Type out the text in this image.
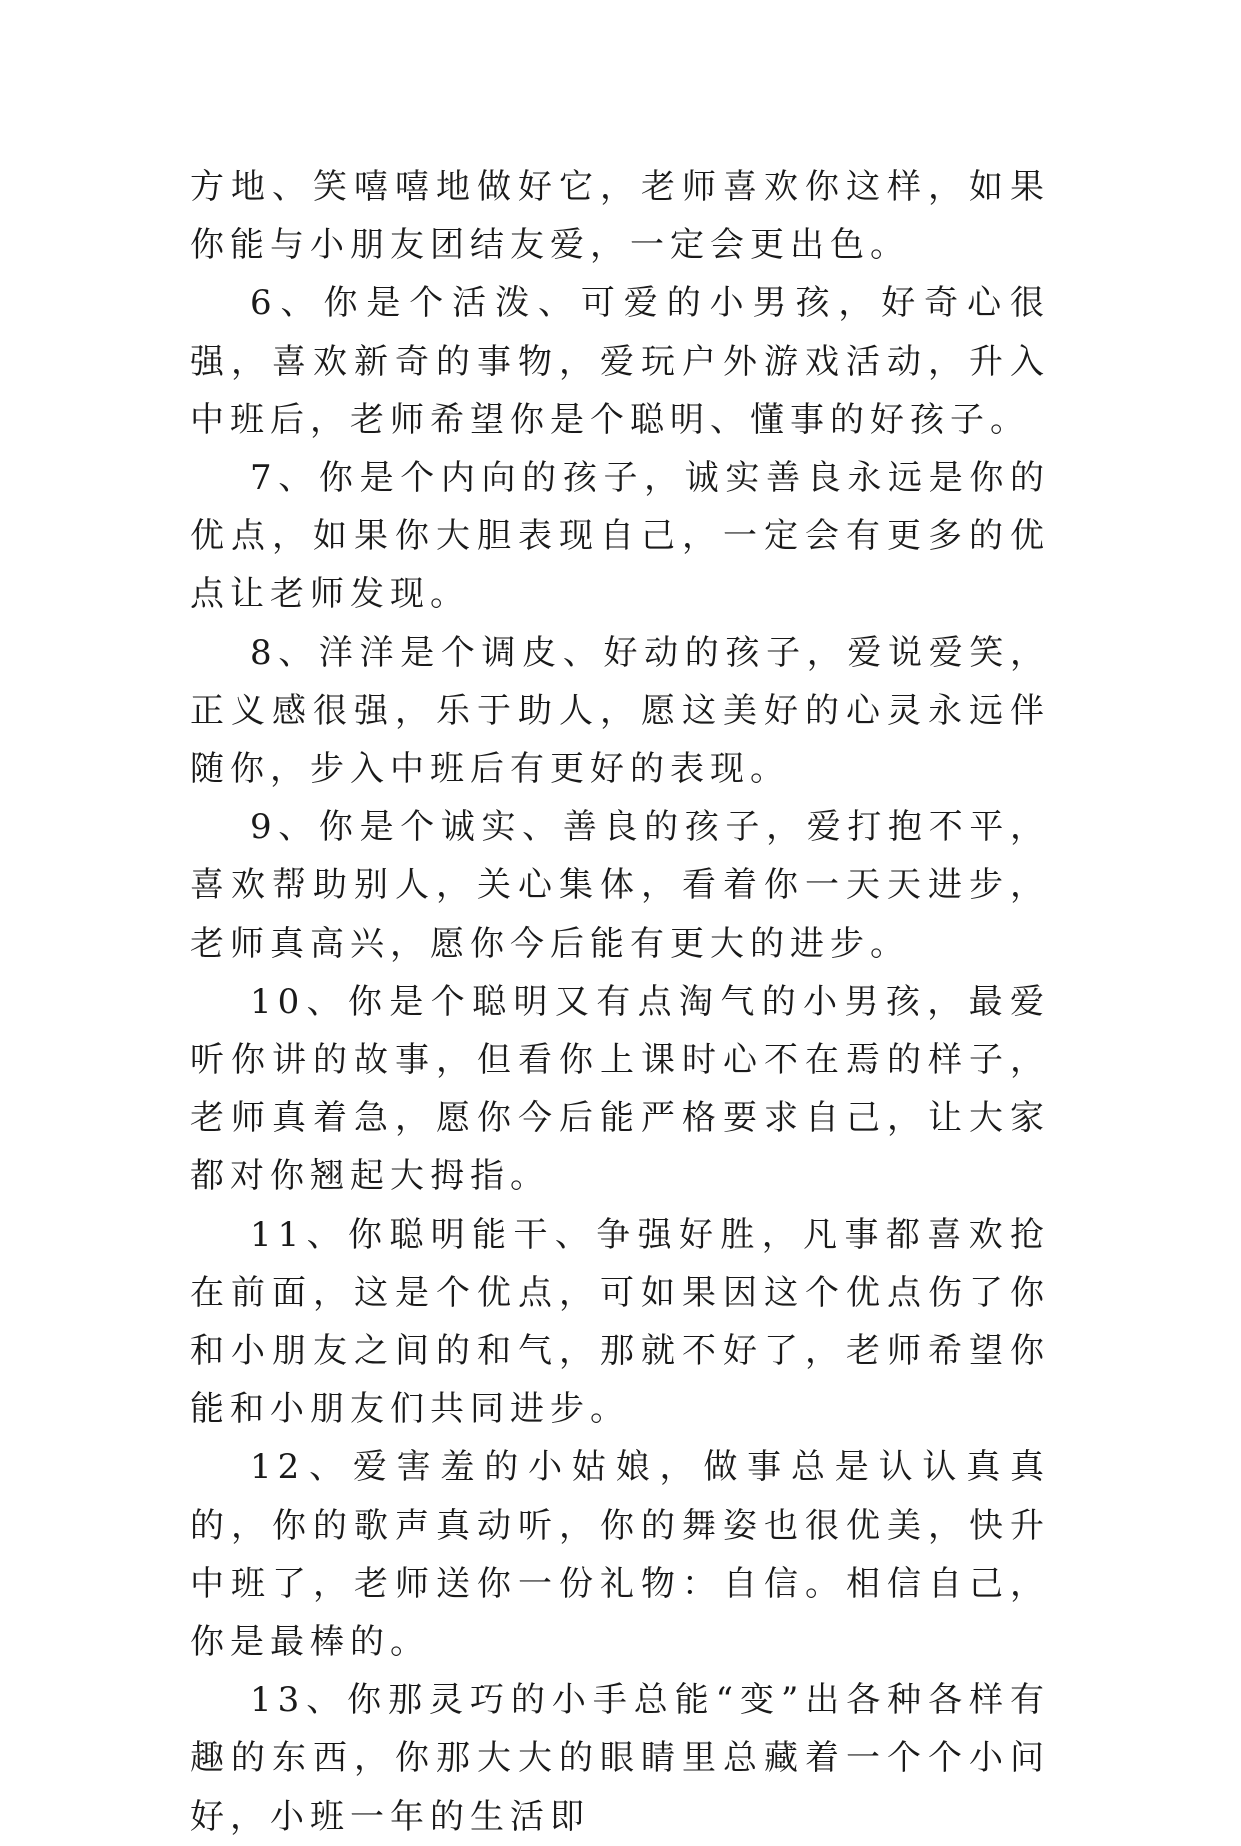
方地、笑嘻嘻地做好它，老师喜欢你这样，如果你能与小朋友团结友爱，一定会更出色。

6、你是个活泼、可爱的小男孩，好奇心很强，喜欢新奇的事物，爱玩户外游戏活动，升入中班后，老师希望你是个聪明、懂事的好孩子。

7、你是个内向的孩子，诚实善良永远是你的优点，如果你大胆表现自己，一定会有更多的优点让老师发现。

8、洋洋是个调皮、好动的孩子，爱说爱笑，正义感很强，乐于助人，愿这美好的心灵永远伴随你，步入中班后有更好的表现。

9、你是个诚实、善良的孩子，爱打抱不平，喜欢帮助别人，关心集体，看着你一天天进步，老师真高兴，愿你今后能有更大的进步。

10、你是个聪明又有点淘气的小男孩，最爱听你讲的故事，但看你上课时心不在焉的样子，老师真着急，愿你今后能严格要求自己，让大家都对你翘起大拇指。

11、你聪明能干、争强好胜，凡事都喜欢抢在前面，这是个优点，可如果因这个优点伤了你和小朋友之间的和气，那就不好了，老师希望你能和小朋友们共同进步。

12、爱害羞的小姑娘，做事总是认认真真的，你的歌声真动听，你的舞姿也很优美，快升中班了，老师送你一份礼物：自信。相信自己，你是最棒的。

13、你那灵巧的小手总能“变”出各种各样有趣的东西，你那大大的眼睛里总藏着一个个小问好，小班一年的生活即
